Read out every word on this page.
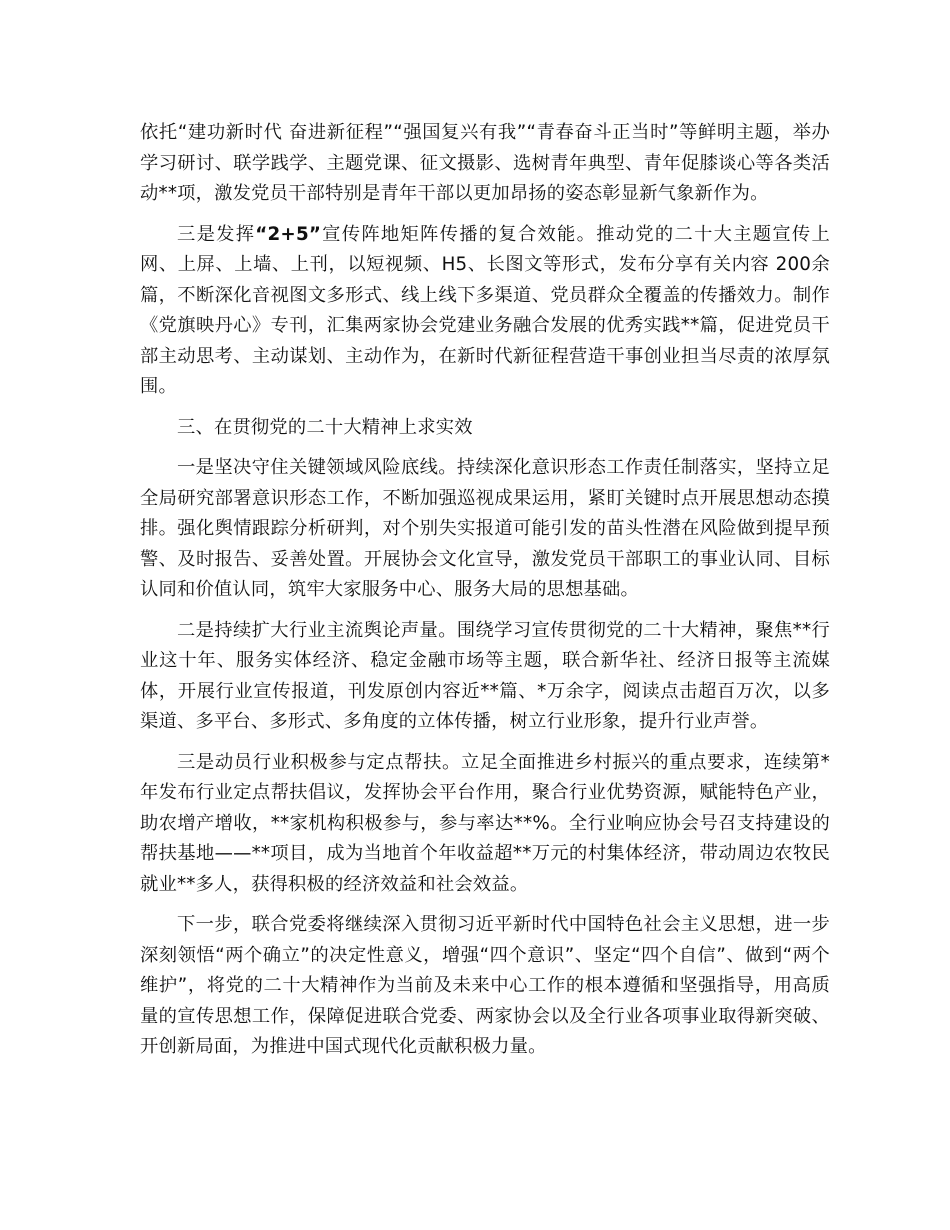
依托“建功新时代 奋进新征程”“强国复兴有我”“青春奋斗正当时”等鲜明主题，举办学习研讨、联学践学、主题党课、征文摄影、选树青年典型、青年促膝谈心等各类活动**项，激发党员干部特别是青年干部以更加昂扬的姿态彰显新气象新作为。

三是发挥“2+5”宣传阵地矩阵传播的复合效能。推动党的二十大主题宣传上网、上屏、上墙、上刊，以短视频、H5、长图文等形式，发布分享有关内容 200余篇，不断深化音视图文多形式、线上线下多渠道、党员群众全覆盖的传播效力。制作《党旗映丹心》专刊，汇集两家协会党建业务融合发展的优秀实践**篇，促进党员干部主动思考、主动谋划、主动作为，在新时代新征程营造干事创业担当尽责的浓厚氛围。

三、在贯彻党的二十大精神上求实效

一是坚决守住关键领域风险底线。持续深化意识形态工作责任制落实，坚持立足全局研究部署意识形态工作，不断加强巡视成果运用，紧盯关键时点开展思想动态摸排。强化舆情跟踪分析研判，对个别失实报道可能引发的苗头性潜在风险做到提早预警、及时报告、妥善处置。开展协会文化宣导，激发党员干部职工的事业认同、目标认同和价值认同，筑牢大家服务中心、服务大局的思想基础。

二是持续扩大行业主流舆论声量。围绕学习宣传贯彻党的二十大精神，聚焦**行业这十年、服务实体经济、稳定金融市场等主题，联合新华社、经济日报等主流媒体，开展行业宣传报道，刊发原创内容近**篇、*万余字，阅读点击超百万次，以多渠道、多平台、多形式、多角度的立体传播，树立行业形象，提升行业声誉。

三是动员行业积极参与定点帮扶。立足全面推进乡村振兴的重点要求，连续第*年发布行业定点帮扶倡议，发挥协会平台作用，聚合行业优势资源，赋能特色产业，助农增产增收，**家机构积极参与，参与率达**%。全行业响应协会号召支持建设的帮扶基地——**项目，成为当地首个年收益超**万元的村集体经济，带动周边农牧民就业**多人，获得积极的经济效益和社会效益。

下一步，联合党委将继续深入贯彻习近平新时代中国特色社会主义思想，进一步深刻领悟“两个确立”的决定性意义，增强“四个意识”、坚定“四个自信”、做到“两个维护”，将党的二十大精神作为当前及未来中心工作的根本遵循和坚强指导，用高质量的宣传思想工作，保障促进联合党委、两家协会以及全行业各项事业取得新突破、开创新局面，为推进中国式现代化贡献积极力量。
